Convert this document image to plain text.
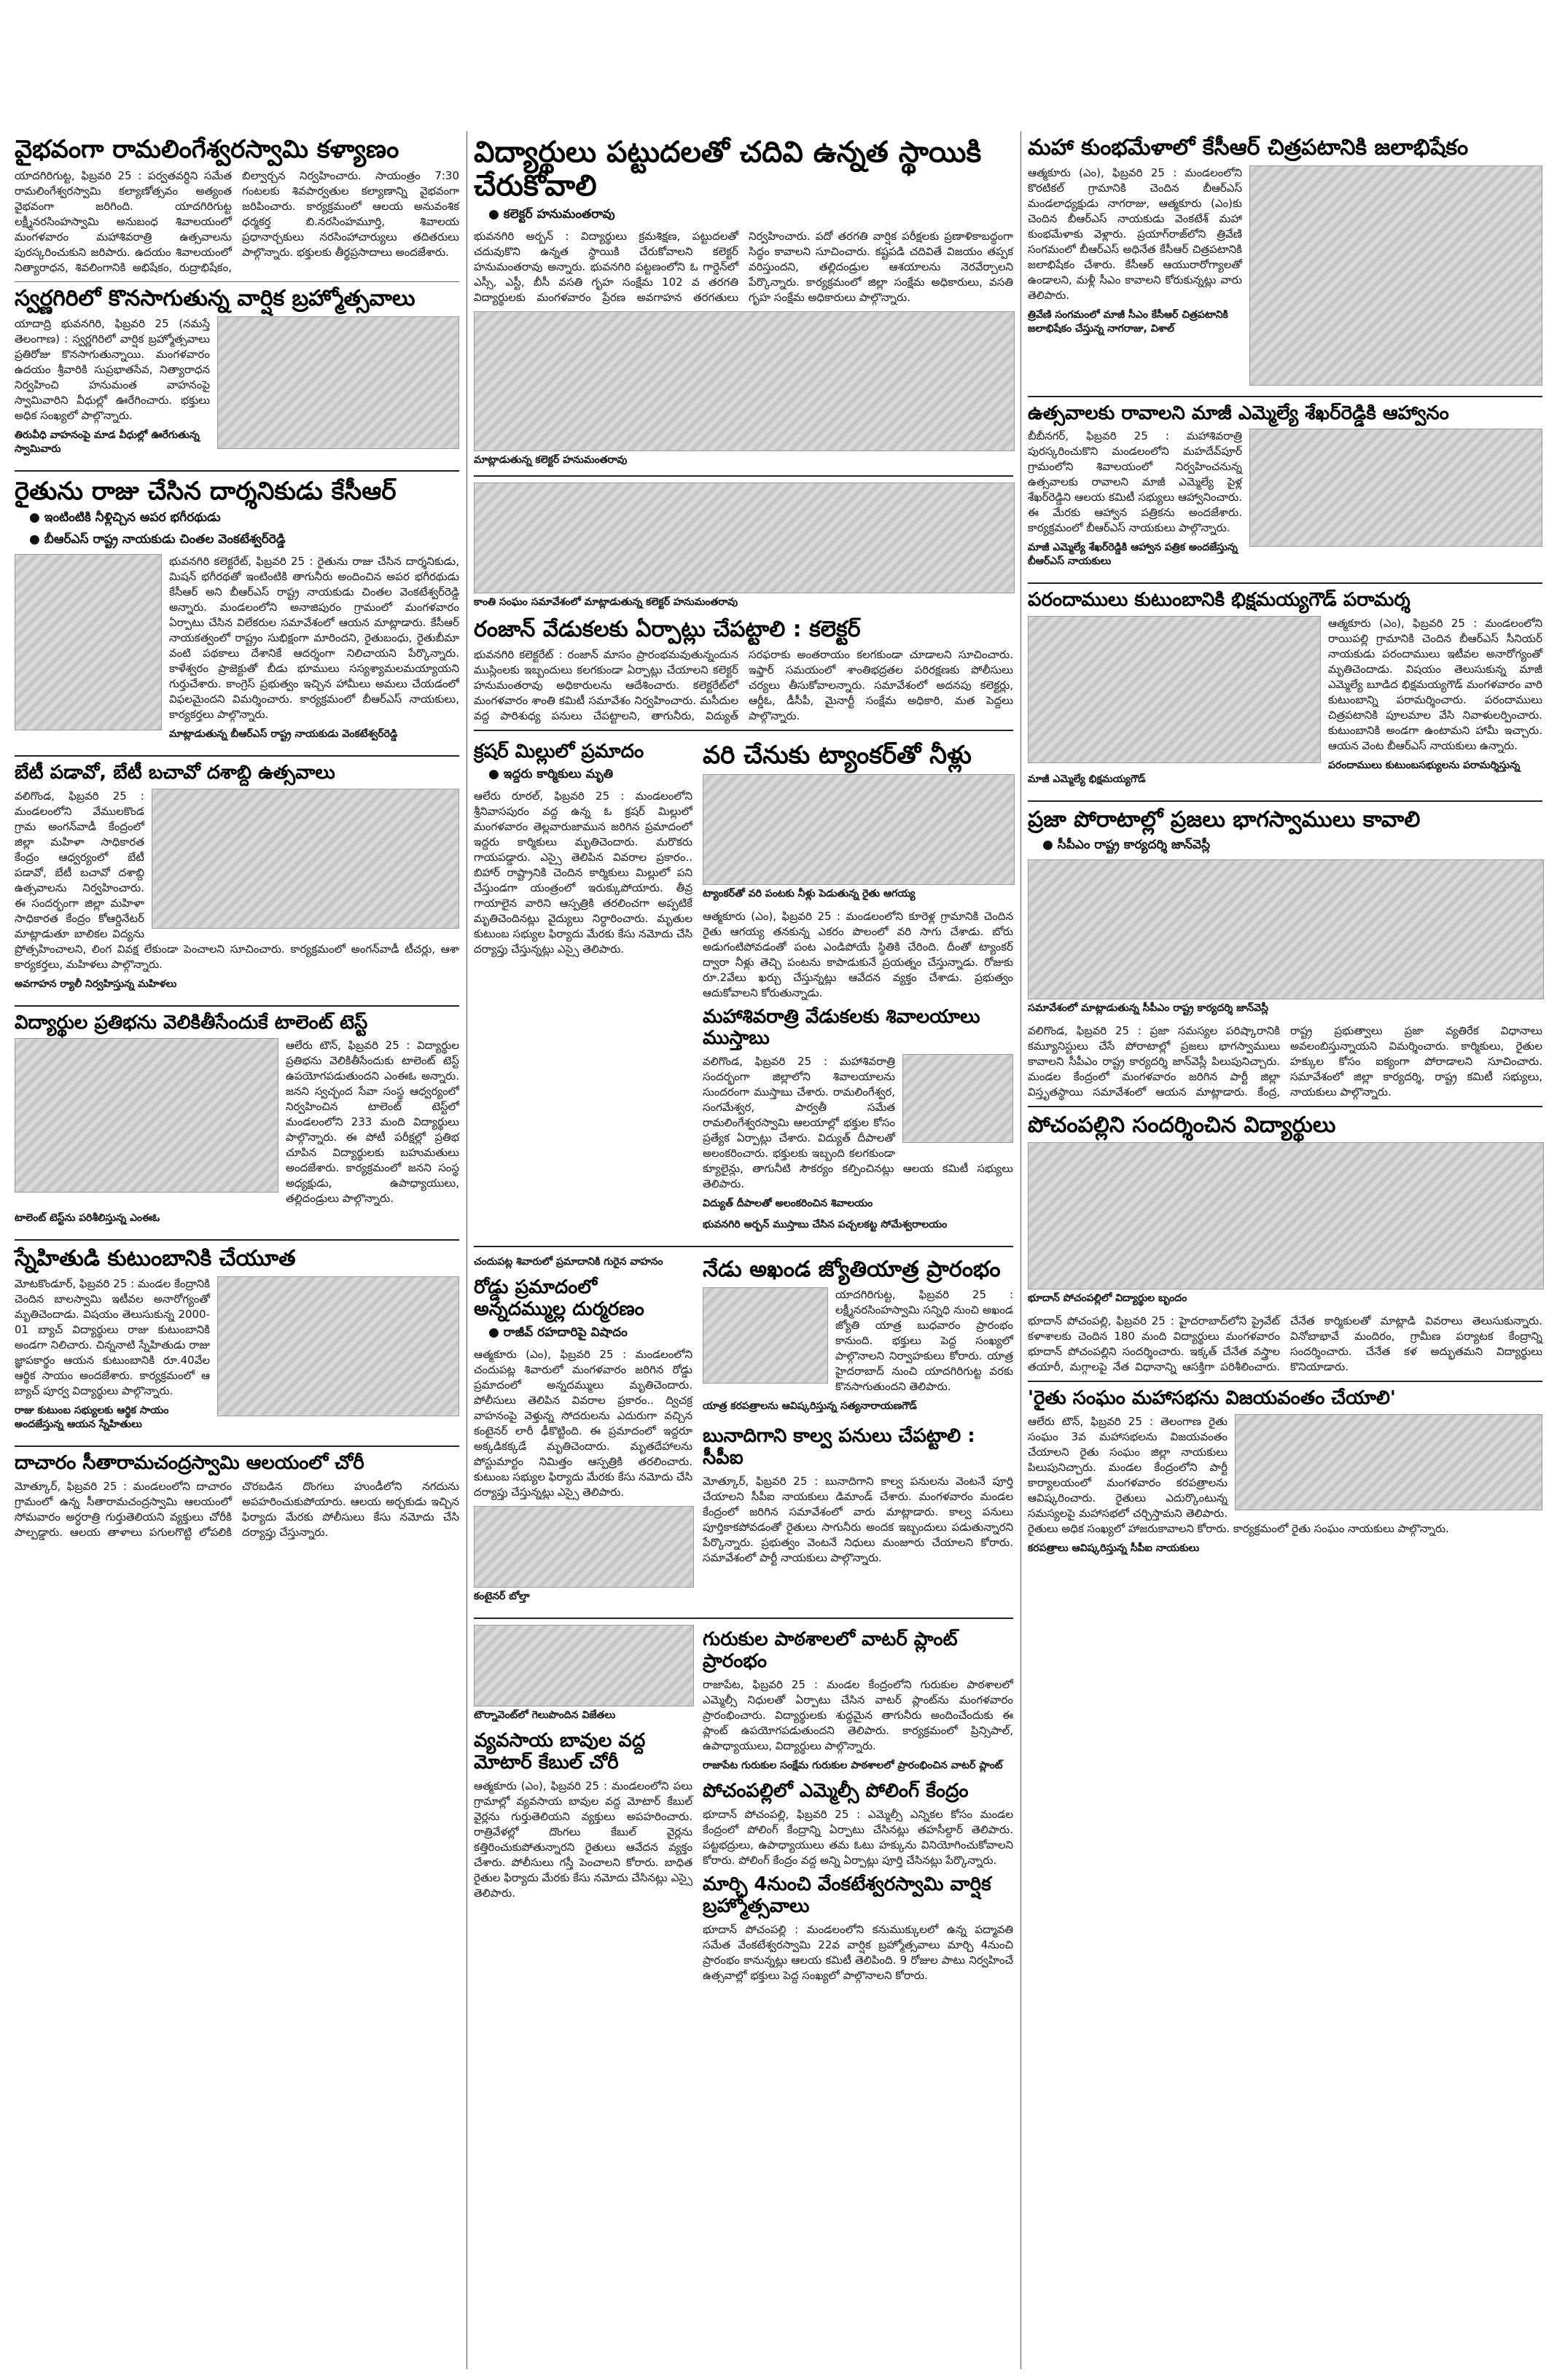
వైభవంగా రామలింగేశ్వరస్వామి కళ్యాణం

యాదగిరిగుట్ట, ఫిబ్రవరి 25 : పర్వతవర్ధిని సమేత రామలింగేశ్వరస్వామి కల్యాణోత్సవం అత్యంత వైభవంగా జరిగింది. యాదగిరిగుట్ట లక్ష్మీనరసింహస్వామి అనుబంధ శివాలయంలో మంగళవారం మహాశివరాత్రి ఉత్సవాలను పురస్కరించుకుని జరిపారు. ఉదయం శివాలయంలో నిత్యారాధన, శివలింగానికి అభిషేకం, రుద్రాభిషేకం, బిల్వార్చన నిర్వహించారు. సాయంత్రం 7:30 గంటలకు శివపార్వతుల కల్యాణాన్ని వైభవంగా జరిపించారు. కార్యక్రమంలో ఆలయ అనువంశిక ధర్మకర్త బి.నరసింహమూర్తి, శివాలయ ప్రధానార్చకులు నరసింహాచార్యులు తదితరులు పాల్గొన్నారు. భక్తులకు తీర్థప్రసాదాలు అందజేశారు.

స్వర్ణగిరిలో కొనసాగుతున్న వార్షిక బ్రహ్మోత్సవాలు

యాదాద్రి భువనగిరి, ఫిబ్రవరి 25 (నమస్తే తెలంగాణ) : స్వర్ణగిరిలో వార్షిక బ్రహ్మోత్సవాలు ప్రతిరోజు కొనసాగుతున్నాయి. మంగళవారం ఉదయం శ్రీవారికి సుప్రభాతసేవ, నిత్యారాధన నిర్వహించి హనుమంత వాహనంపై స్వామివారిని వీధుల్లో ఊరేగించారు. భక్తులు అధిక సంఖ్యలో పాల్గొన్నారు.

తిరువీధి వాహనంపై మాడ వీధుల్లో ఊరేగుతున్న స్వామివారు
రైతును రాజు చేసిన దార్శనికుడు కేసీఆర్
● ఇంటింటికి నీళ్లిచ్చిన అపర భగీరథుడు
● బీఆర్ఎస్ రాష్ట్ర నాయకుడు చింతల వెంకటేశ్వర్‌రెడ్డి

భువనగిరి కలెక్టరేట్, ఫిబ్రవరి 25 : రైతును రాజు చేసిన దార్శనికుడు, మిషన్ భగీరథతో ఇంటింటికి తాగునీరు అందించిన అపర భగీరథుడు కేసీఆర్ అని బీఆర్ఎస్ రాష్ట్ర నాయకుడు చింతల వెంకటేశ్వర్‌రెడ్డి అన్నారు. మండలంలోని అనాజిపురం గ్రామంలో మంగళవారం ఏర్పాటు చేసిన విలేకరుల సమావేశంలో ఆయన మాట్లాడారు. కేసీఆర్ నాయకత్వంలో రాష్ట్రం సుభిక్షంగా మారిందని, రైతుబంధు, రైతుబీమా వంటి పథకాలు దేశానికే ఆదర్శంగా నిలిచాయని పేర్కొన్నారు. కాళేశ్వరం ప్రాజెక్టుతో బీడు భూములు సస్యశ్యామలమయ్యాయని గుర్తుచేశారు. కాంగ్రెస్ ప్రభుత్వం ఇచ్చిన హామీలు అమలు చేయడంలో విఫలమైందని విమర్శించారు. కార్యక్రమంలో బీఆర్ఎస్ నాయకులు, కార్యకర్తలు పాల్గొన్నారు.

మాట్లాడుతున్న బీఆర్ఎస్ రాష్ట్ర నాయకుడు వెంకటేశ్వర్‌రెడ్డి
బేటీ పడావో, బేటీ బచావో దశాబ్ది ఉత్సవాలు

వలిగొండ, ఫిబ్రవరి 25 : మండలంలోని వేములకొండ గ్రామ అంగన్‌వాడీ కేంద్రంలో జిల్లా మహిళా సాధికారత కేంద్రం ఆధ్వర్యంలో బేటీ పడావో, బేటీ బచావో దశాబ్ది ఉత్సవాలను నిర్వహించారు. ఈ సందర్భంగా జిల్లా మహిళా సాధికారత కేంద్రం కోఆర్డినేటర్ మాట్లాడుతూ బాలికల విద్యను ప్రోత్సహించాలని, లింగ వివక్ష లేకుండా పెంచాలని సూచించారు. కార్యక్రమంలో అంగన్‌వాడీ టీచర్లు, ఆశా కార్యకర్తలు, మహిళలు పాల్గొన్నారు.

అవగాహన ర్యాలీ నిర్వహిస్తున్న మహిళలు
విద్యార్థుల ప్రతిభను వెలికితీసేందుకే టాలెంట్ టెస్ట్

ఆలేరు టౌన్, ఫిబ్రవరి 25 : విద్యార్థుల ప్రతిభను వెలికితీసేందుకు టాలెంట్ టెస్ట్ ఉపయోగపడుతుందని ఎంఈఓ అన్నారు. జనని స్వచ్ఛంద సేవా సంస్థ ఆధ్వర్యంలో నిర్వహించిన టాలెంట్ టెస్ట్‌లో మండలంలోని 233 మంది విద్యార్థులు పాల్గొన్నారు. ఈ పోటీ పరీక్షల్లో ప్రతిభ చూపిన విద్యార్థులకు బహుమతులు అందజేశారు. కార్యక్రమంలో జనని సంస్థ అధ్యక్షుడు, ఉపాధ్యాయులు, తల్లిదండ్రులు పాల్గొన్నారు.

టాలెంట్ టెస్ట్‌ను పరిశీలిస్తున్న ఎంఈఓ
స్నేహితుడి కుటుంబానికి చేయూత

మోటకొండూర్, ఫిబ్రవరి 25 : మండల కేంద్రానికి చెందిన బాలస్వామి ఇటీవల అనారోగ్యంతో మృతిచెందాడు. విషయం తెలుసుకున్న 2000-01 బ్యాచ్ విద్యార్థులు రాజు కుటుంబానికి అండగా నిలిచారు. చిన్ననాటి స్నేహితుడు రాజు జ్ఞాపకార్థం ఆయన కుటుంబానికి రూ.40వేల ఆర్థిక సాయం అందజేశారు. కార్యక్రమంలో ఆ బ్యాచ్ పూర్వ విద్యార్థులు పాల్గొన్నారు.

రాజు కుటుంబ సభ్యులకు ఆర్థిక సాయం అందజేస్తున్న ఆయన స్నేహితులు
దాచారం సీతారామచంద్రస్వామి ఆలయంలో చోరీ

మోత్కూర్, ఫిబ్రవరి 25 : మండలంలోని దాచారం గ్రామంలో ఉన్న సీతారామచంద్రస్వామి ఆలయంలో సోమవారం అర్ధరాత్రి గుర్తుతెలియని వ్యక్తులు చోరీకి పాల్పడ్డారు. ఆలయ తాళాలు పగులగొట్టి లోపలికి చొరబడిన దొంగలు హుండీలోని నగదును అపహరించుకుపోయారు. ఆలయ అర్చకుడు ఇచ్చిన ఫిర్యాదు మేరకు పోలీసులు కేసు నమోదు చేసి దర్యాప్తు చేస్తున్నారు.

విద్యార్థులు పట్టుదలతో చదివి ఉన్నత స్థాయికి చేరుకోవాలి
● కలెక్టర్ హనుమంతరావు

భువనగిరి అర్బన్ : విద్యార్థులు క్రమశిక్షణ, పట్టుదలతో చదువుకొని ఉన్నత స్థాయికి చేరుకోవాలని కలెక్టర్ హనుమంతరావు అన్నారు. భువనగిరి పట్టణంలోని ఓ గార్డెన్‌లో ఎస్సీ, ఎస్టీ, బీసీ వసతి గృహ సంక్షేమ 102 వ తరగతి విద్యార్థులకు మంగళవారం ప్రేరణ అవగాహన తరగతులు నిర్వహించారు. పదో తరగతి వార్షిక పరీక్షలకు ప్రణాళికాబద్ధంగా సిద్ధం కావాలని సూచించారు. కష్టపడి చదివితే విజయం తప్పక వరిస్తుందని, తల్లిదండ్రుల ఆశయాలను నెరవేర్చాలని పేర్కొన్నారు. కార్యక్రమంలో జిల్లా సంక్షేమ అధికారులు, వసతి గృహ సంక్షేమ అధికారులు పాల్గొన్నారు.

మాట్లాడుతున్న కలెక్టర్ హనుమంతరావు
కాంతి సంఘం సమావేశంలో మాట్లాడుతున్న కలెక్టర్ హనుమంతరావు
రంజాన్ వేడుకలకు ఏర్పాట్లు చేపట్టాలి : కలెక్టర్

భువనగిరి కలెక్టరేట్ : రంజాన్ మాసం ప్రారంభమవుతున్నందున ముస్లింలకు ఇబ్బందులు కలగకుండా ఏర్పాట్లు చేయాలని కలెక్టర్ హనుమంతరావు అధికారులను ఆదేశించారు. కలెక్టరేట్‌లో మంగళవారం శాంతి కమిటీ సమావేశం నిర్వహించారు. మసీదుల వద్ద పారిశుధ్య పనులు చేపట్టాలని, తాగునీరు, విద్యుత్ సరఫరాకు అంతరాయం కలగకుండా చూడాలని సూచించారు. ఇఫ్తార్ సమయంలో శాంతిభద్రతల పరిరక్షణకు పోలీసులు చర్యలు తీసుకోవాలన్నారు. సమావేశంలో అదనపు కలెక్టర్లు, ఆర్డీఓ, డీసీపీ, మైనార్టీ సంక్షేమ అధికారి, మత పెద్దలు పాల్గొన్నారు.

క్రషర్ మిల్లులో ప్రమాదం
● ఇద్దరు కార్మికులు మృతి

ఆలేరు రూరల్, ఫిబ్రవరి 25 : మండలంలోని శ్రీనివాసపురం వద్ద ఉన్న ఓ క్రషర్ మిల్లులో మంగళవారం తెల్లవారుజామున జరిగిన ప్రమాదంలో ఇద్దరు కార్మికులు మృతిచెందారు. మరొకరు గాయపడ్డారు. ఎస్సై తెలిపిన వివరాల ప్రకారం.. బిహార్ రాష్ట్రానికి చెందిన కార్మికులు మిల్లులో పని చేస్తుండగా యంత్రంలో ఇరుక్కుపోయారు. తీవ్ర గాయాలైన వారిని ఆస్పత్రికి తరలించగా అప్పటికే మృతిచెందినట్లు వైద్యులు నిర్ధారించారు. మృతుల కుటుంబ సభ్యుల ఫిర్యాదు మేరకు కేసు నమోదు చేసి దర్యాప్తు చేస్తున్నట్లు ఎస్సై తెలిపారు.

వరి చేనుకు ట్యాంకర్‌తో నీళ్లు
ట్యాంకర్‌తో వరి పంటకు నీళ్లు పెడుతున్న రైతు ఆగయ్య

ఆత్మకూరు (ఎం), ఫిబ్రవరి 25 : మండలంలోని కూరెళ్ల గ్రామానికి చెందిన రైతు ఆగయ్య తనకున్న ఎకరం పొలంలో వరి సాగు చేశాడు. బోరు అడుగంటిపోవడంతో పంట ఎండిపోయే స్థితికి చేరింది. దీంతో ట్యాంకర్ ద్వారా నీళ్లు తెచ్చి పంటను కాపాడుకునే ప్రయత్నం చేస్తున్నాడు. రోజుకు రూ.2వేలు ఖర్చు చేస్తున్నట్లు ఆవేదన వ్యక్తం చేశాడు. ప్రభుత్వం ఆదుకోవాలని కోరుతున్నాడు.

మహాశివరాత్రి వేడుకలకు శివాలయాలు ముస్తాబు

వలిగొండ, ఫిబ్రవరి 25 : మహాశివరాత్రి సందర్భంగా జిల్లాలోని శివాలయాలను సుందరంగా ముస్తాబు చేశారు. రామలింగేశ్వర, సంగమేశ్వర, పార్వతీ సమేత రామలింగేశ్వరస్వామి ఆలయాల్లో భక్తుల కోసం ప్రత్యేక ఏర్పాట్లు చేశారు. విద్యుత్ దీపాలతో అలంకరించారు. భక్తులకు ఇబ్బంది కలగకుండా క్యూలైన్లు, తాగునీటి సౌకర్యం కల్పించినట్లు ఆలయ కమిటీ సభ్యులు తెలిపారు.

విద్యుత్ దీపాలతో అలంకరించిన శివాలయం
భువనగిరి అర్బన్ ముస్తాబు చేసిన పచ్చలకట్ట సోమేశ్వరాలయం
చందుపట్ల శివారులో ప్రమాదానికి గురైన వాహనం
రోడ్డు ప్రమాదంలో అన్నదమ్ముల్ల దుర్మరణం
● రాజీవ్ రహదారిపై విషాదం

ఆత్మకూరు (ఎం), ఫిబ్రవరి 25 : మండలంలోని చందుపట్ల శివారులో మంగళవారం జరిగిన రోడ్డు ప్రమాదంలో అన్నదమ్ములు మృతిచెందారు. పోలీసులు తెలిపిన వివరాల ప్రకారం.. ద్విచక్ర వాహనంపై వెళ్తున్న సోదరులను ఎదురుగా వచ్చిన కంటైనర్ లారీ ఢీకొట్టింది. ఈ ప్రమాదంలో ఇద్దరూ అక్కడికక్కడే మృతిచెందారు. మృతదేహాలను పోస్టుమార్టం నిమిత్తం ఆస్పత్రికి తరలించారు. కుటుంబ సభ్యుల ఫిర్యాదు మేరకు కేసు నమోదు చేసి దర్యాప్తు చేస్తున్నట్లు ఎస్సై తెలిపారు.

కంటైనర్ బోల్తా
నేడు అఖండ జ్యోతియాత్ర ప్రారంభం

యాదగిరిగుట్ట, ఫిబ్రవరి 25 : లక్ష్మీనరసింహస్వామి సన్నిధి నుంచి అఖండ జ్యోతి యాత్ర బుధవారం ప్రారంభం కానుంది. భక్తులు పెద్ద సంఖ్యలో పాల్గొనాలని నిర్వాహకులు కోరారు. యాత్ర హైదరాబాద్ నుంచి యాదగిరిగుట్ట వరకు కొనసాగుతుందని తెలిపారు.

యాత్ర కరపత్రాలను ఆవిష్కరిస్తున్న సత్యనారాయణగౌడ్
బునాదిగాని కాల్వ పనులు చేపట్టాలి : సీపీఐ

మోత్కూర్, ఫిబ్రవరి 25 : బునాదిగాని కాల్వ పనులను వెంటనే పూర్తి చేయాలని సీపీఐ నాయకులు డిమాండ్ చేశారు. మంగళవారం మండల కేంద్రంలో జరిగిన సమావేశంలో వారు మాట్లాడారు. కాల్వ పనులు పూర్తికాకపోవడంతో రైతులు సాగునీరు అందక ఇబ్బందులు పడుతున్నారని పేర్కొన్నారు. ప్రభుత్వం వెంటనే నిధులు మంజూరు చేయాలని కోరారు. సమావేశంలో పార్టీ నాయకులు పాల్గొన్నారు.

టౌర్నావెంట్‌లో గెలుపొందిన విజేతలు
వ్యవసాయ బావుల వద్ద మోటార్ కేబుల్ చోరీ

ఆత్మకూరు (ఎం), ఫిబ్రవరి 25 : మండలంలోని పలు గ్రామాల్లో వ్యవసాయ బావుల వద్ద మోటార్ కేబుల్ వైర్లను గుర్తుతెలియని వ్యక్తులు అపహరించారు. రాత్రివేళల్లో దొంగలు కేబుల్ వైర్లను కత్తిరించుకుపోతున్నారని రైతులు ఆవేదన వ్యక్తం చేశారు. పోలీసులు గస్తీ పెంచాలని కోరారు. బాధిత రైతుల ఫిర్యాదు మేరకు కేసు నమోదు చేసినట్లు ఎస్సై తెలిపారు.

గురుకుల పాఠశాలలో వాటర్ ప్లాంట్ ప్రారంభం

రాజాపేట, ఫిబ్రవరి 25 : మండల కేంద్రంలోని గురుకుల పాఠశాలలో ఎమ్మెల్సీ నిధులతో ఏర్పాటు చేసిన వాటర్ ప్లాంట్‌ను మంగళవారం ప్రారంభించారు. విద్యార్థులకు శుద్ధమైన తాగునీరు అందించేందుకు ఈ ప్లాంట్ ఉపయోగపడుతుందని తెలిపారు. కార్యక్రమంలో ప్రిన్సిపాల్, ఉపాధ్యాయులు, విద్యార్థులు పాల్గొన్నారు.

రాజాపేట గురుకుల సంక్షేమ గురుకుల పాఠశాలలో ప్రారంభించిన వాటర్ ప్లాంట్
పోచంపల్లిలో ఎమ్మెల్సీ పోలింగ్ కేంద్రం

భూదాన్ పోచంపల్లి, ఫిబ్రవరి 25 : ఎమ్మెల్సీ ఎన్నికల కోసం మండల కేంద్రంలో పోలింగ్ కేంద్రాన్ని ఏర్పాటు చేసినట్లు తహసీల్దార్ తెలిపారు. పట్టభద్రులు, ఉపాధ్యాయులు తమ ఓటు హక్కును వినియోగించుకోవాలని కోరారు. పోలింగ్ కేంద్రం వద్ద అన్ని ఏర్పాట్లు పూర్తి చేసినట్లు పేర్కొన్నారు.

మార్చి 4నుంచి వేంకటేశ్వరస్వామి వార్షిక బ్రహ్మోత్సవాలు

భూదాన్ పోచంపల్లి : మండలంలోని కనుముక్కులలో ఉన్న పద్మావతి సమేత వేంకటేశ్వరస్వామి 22వ వార్షిక బ్రహ్మోత్సవాలు మార్చి 4నుంచి ప్రారంభం కానున్నట్లు ఆలయ కమిటీ తెలిపింది. 9 రోజుల పాటు నిర్వహించే ఉత్సవాల్లో భక్తులు పెద్ద సంఖ్యలో పాల్గొనాలని కోరారు.

మహా కుంభమేళాలో కేసీఆర్ చిత్రపటానికి జలాభిషేకం

ఆత్మకూరు (ఎం), ఫిబ్రవరి 25 : మండలంలోని కొరటికల్ గ్రామానికి చెందిన బీఆర్ఎస్ మండలాధ్యక్షుడు నాగరాజు, ఆత్మకూరు (ఎం)కు చెందిన బీఆర్ఎస్ నాయకుడు వెంకటేశ్ మహా కుంభమేళాకు వెళ్లారు. ప్రయాగ్‌రాజ్‌లోని త్రివేణి సంగమంలో బీఆర్ఎస్ అధినేత కేసీఆర్ చిత్రపటానికి జలాభిషేకం చేశారు. కేసీఆర్ ఆయురారోగ్యాలతో ఉండాలని, మళ్లీ సీఎం కావాలని కోరుకున్నట్లు వారు తెలిపారు.

త్రివేణి సంగమంలో మాజీ సీఎం కేసీఆర్ చిత్రపటానికి జలాభిషేకం చేస్తున్న నాగరాజు, విశాల్
ఉత్సవాలకు రావాలని మాజీ ఎమ్మెల్యే శేఖర్‌రెడ్డికి ఆహ్వానం

బీబీనగర్, ఫిబ్రవరి 25 : మహాశివరాత్రి పురస్కరించుకొని మండలంలోని మహదేవ్‌పూర్ గ్రామంలోని శివాలయంలో నిర్వహించనున్న ఉత్సవాలకు రావాలని మాజీ ఎమ్మెల్యే పైళ్ల శేఖర్‌రెడ్డిని ఆలయ కమిటీ సభ్యులు ఆహ్వానించారు. ఈ మేరకు ఆహ్వాన పత్రికను అందజేశారు. కార్యక్రమంలో బీఆర్ఎస్ నాయకులు పాల్గొన్నారు.

మాజీ ఎమ్మెల్యే శేఖర్‌రెడ్డికి ఆహ్వాన పత్రిక అందజేస్తున్న బీఆర్ఎస్ నాయకులు
పరందాములు కుటుంబానికి భిక్షమయ్యగౌడ్ పరామర్శ

ఆత్మకూరు (ఎం), ఫిబ్రవరి 25 : మండలంలోని రాయిపల్లి గ్రామానికి చెందిన బీఆర్ఎస్ సీనియర్ నాయకుడు పరందాములు ఇటీవల అనారోగ్యంతో మృతిచెందాడు. విషయం తెలుసుకున్న మాజీ ఎమ్మెల్యే బూడిద భిక్షమయ్యగౌడ్ మంగళవారం వారి కుటుంబాన్ని పరామర్శించారు. పరందాములు చిత్రపటానికి పూలమాల వేసి నివాళులర్పించారు. కుటుంబానికి అండగా ఉంటామని హామీ ఇచ్చారు. ఆయన వెంట బీఆర్ఎస్ నాయకులు ఉన్నారు.

పరందాములు కుటుంబసభ్యులను పరామర్శిస్తున్న మాజీ ఎమ్మెల్యే భిక్షమయ్యగౌడ్
ప్రజా పోరాటాల్లో ప్రజలు భాగస్వాములు కావాలి
● సీపీఎం రాష్ట్ర కార్యదర్శి జాన్‌వెస్లీ
సమావేశంలో మాట్లాడుతున్న సీపీఎం రాష్ట్ర కార్యదర్శి జాన్‌వెస్లీ

వలిగొండ, ఫిబ్రవరి 25 : ప్రజా సమస్యల పరిష్కారానికి కమ్యూనిస్టులు చేసే పోరాటాల్లో ప్రజలు భాగస్వాములు కావాలని సీపీఎం రాష్ట్ర కార్యదర్శి జాన్‌వెస్లీ పిలుపునిచ్చారు. మండల కేంద్రంలో మంగళవారం జరిగిన పార్టీ జిల్లా విస్తృతస్థాయి సమావేశంలో ఆయన మాట్లాడారు. కేంద్ర, రాష్ట్ర ప్రభుత్వాలు ప్రజా వ్యతిరేక విధానాలు అవలంబిస్తున్నాయని విమర్శించారు. కార్మికులు, రైతుల హక్కుల కోసం ఐక్యంగా పోరాడాలని సూచించారు. సమావేశంలో జిల్లా కార్యదర్శి, రాష్ట్ర కమిటీ సభ్యులు, నాయకులు పాల్గొన్నారు.

పోచంపల్లిని సందర్శించిన విద్యార్థులు
భూదాన్ పోచంపల్లిలో విద్యార్థుల బృందం

భూదాన్ పోచంపల్లి, ఫిబ్రవరి 25 : హైదరాబాద్‌లోని ప్రైవేట్ కళాశాలకు చెందిన 180 మంది విద్యార్థులు మంగళవారం భూదాన్ పోచంపల్లిని సందర్శించారు. ఇక్కత్ చేనేత వస్త్రాల తయారీ, మగ్గాలపై నేత విధానాన్ని ఆసక్తిగా పరిశీలించారు. చేనేత కార్మికులతో మాట్లాడి వివరాలు తెలుసుకున్నారు. వినోబాభావే మందిరం, గ్రామీణ పర్యాటక కేంద్రాన్ని సందర్శించారు. చేనేత కళ అద్భుతమని విద్యార్థులు కొనియాడారు.

'రైతు సంఘం మహాసభను విజయవంతం చేయాలి'

ఆలేరు టౌన్, ఫిబ్రవరి 25 : తెలంగాణ రైతు సంఘం 3వ మహాసభలను విజయవంతం చేయాలని రైతు సంఘం జిల్లా నాయకులు పిలుపునిచ్చారు. మండల కేంద్రంలోని పార్టీ కార్యాలయంలో మంగళవారం కరపత్రాలను ఆవిష్కరించారు. రైతులు ఎదుర్కొంటున్న సమస్యలపై మహాసభలో చర్చిస్తామని తెలిపారు. రైతులు అధిక సంఖ్యలో హాజరుకావాలని కోరారు. కార్యక్రమంలో రైతు సంఘం నాయకులు పాల్గొన్నారు.

కరపత్రాలు ఆవిష్కరిస్తున్న సీపీఐ నాయకులు
